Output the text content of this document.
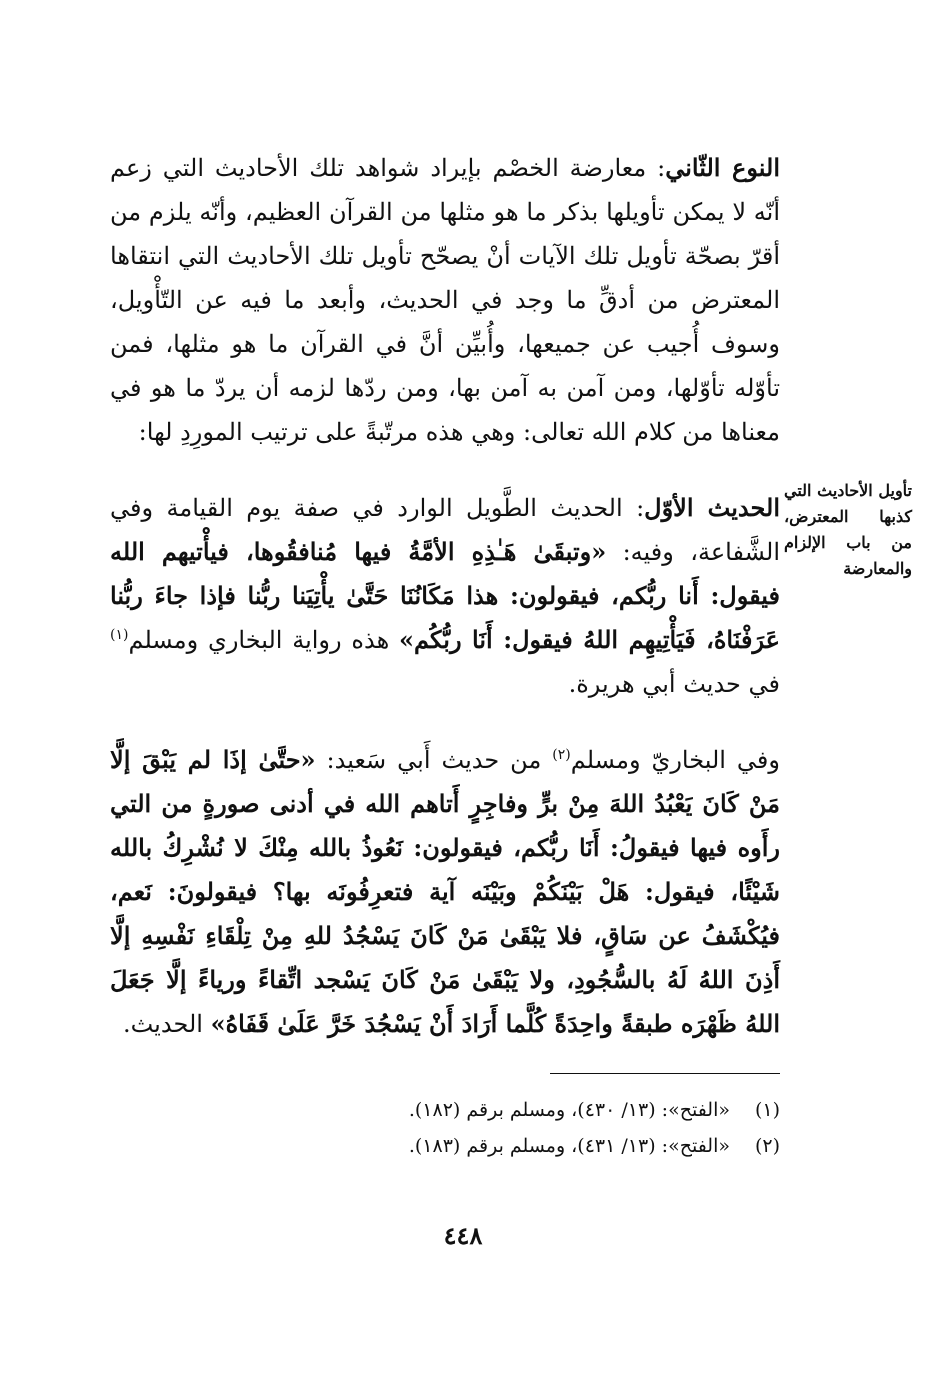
النوع الثّاني: معارضة الخصْم بإيراد شواهد تلك الأحاديث التي زعم أنّه لا يمكن تأويلها بذكر ما هو مثلها من القرآن العظيم، وأنّه يلزم من أقرّ بصحّة تأويل تلك الآيات أنْ يصحّح تأويل تلك الأحاديث التي انتقاها المعترض من أدقِّ ما وجد في الحديث، وأبعد ما فيه عن التّأْويل، وسوف أُجيب عن جميعها، وأُبيِّن أنَّ في القرآن ما هو مثلها، فمن تأوّله تأوّلها، ومن آمن به آمن بها، ومن ردّها لزمه أن يردّ ما هو في معناها من كلام الله تعالى: وهي هذه مرتّبةً على ترتيب المورِدِ لها:

تأويل الأحاديث التي كذبها المعترض، من باب الإلزام والمعارضة

الحديث الأوّل: الحديث الطَّويل الوارد في صفة يوم القيامة وفي الشَّفاعة، وفيه: «وتبقَىٰ هَـٰذِهِ الأمَّةُ فيها مُنافقُوها، فيأْتيهم الله فيقول: أَنا ربُّكم، فيقولون: هذا مَكَانُنَا حَتَّىٰ يأْتِيَنا ربُّنا فإذا جاءَ ربُّنا عَرَفْنَاهُ، فَيَأْتِيهِم اللهُ فيقول: أَنَا ربُّكُم» هذه رواية البخاري ومسلم$^{(١)}$ في حديث أبي هريرة.

وفي البخاريّ ومسلم$^{(٢)}$ من حديث أَبي سَعيد: «حتَّىٰ إذَا لم يَبْقَ إلَّا مَنْ كَانَ يَعْبُدُ اللهَ مِنْ برٍّ وفاجِرٍ أَتاهم الله في أدنى صورةٍ من التي رأَوه فيها فيقولُ: أَنَا ربُّكم، فيقولون: نَعُوذُ بالله مِنْكَ لا نُشْرِكُ بالله شَيْئًا، فيقول: هَلْ بَيْنَكُمْ وبَيْنَه آية فتعرِفُونَه بها؟ فيقولونَ: نَعم، فيُكْشَفُ عن سَاقٍ، فلا يَبْقَىٰ مَنْ كَانَ يَسْجُدُ للهِ مِنْ تِلْقَاءِ نَفْسِهِ إلَّا أَذِنَ اللهُ لَهُ بالسُّجُودِ، ولا يَبْقَىٰ مَنْ كَانَ يَسْجد اتِّقاءً ورياءً إلَّا جَعَلَ اللهُ ظَهْرَه طبقةً واحِدَةً كُلَّما أَرَادَ أَنْ يَسْجُدَ خَرَّ عَلَىٰ قَفَاهُ» الحديث.

(١)
«الفتح»: (١٣/ ٤٣٠)، ومسلم برقم (١٨٢).
(٢)
«الفتح»: (١٣/ ٤٣١)، ومسلم برقم (١٨٣).
٤٤٨
